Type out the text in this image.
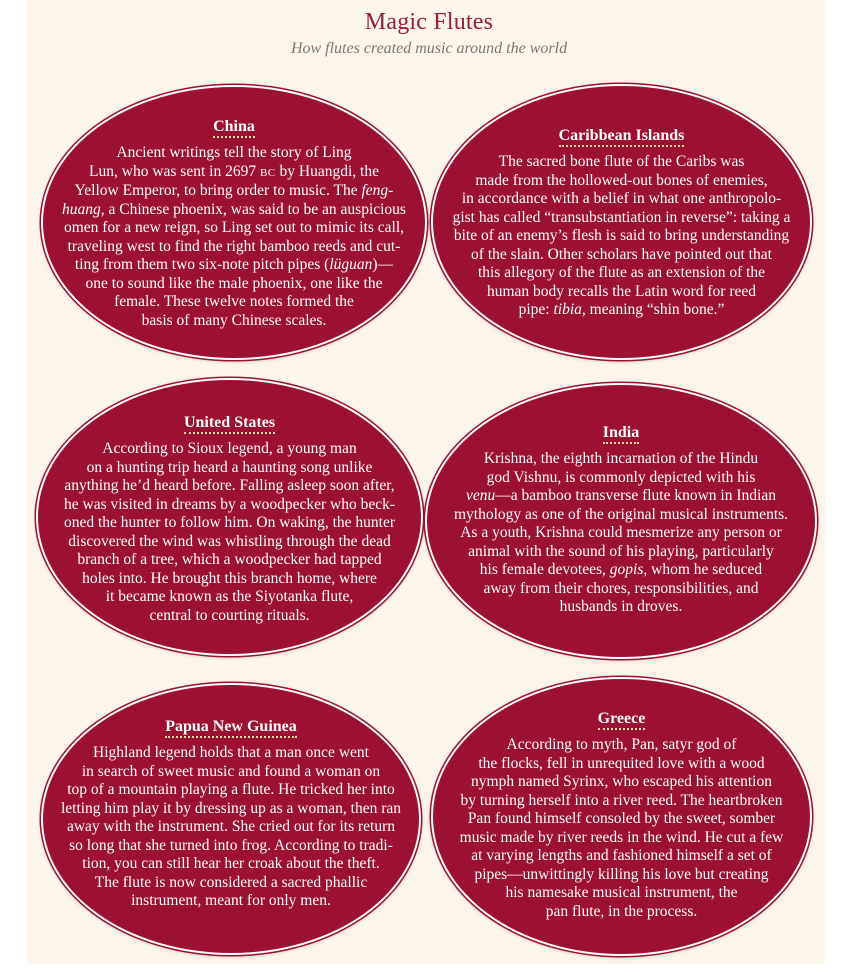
Magic Flutes
How flutes created music around the world
China

Ancient writings tell the story of Ling
Lun, who was sent in 2697 BC by Huangdi, the
Yellow Emperor, to bring order to music. The feng-
huang, a Chinese phoenix, was said to be an auspicious
omen for a new reign, so Ling set out to mimic its call,
traveling west to find the right bamboo reeds and cut-
ting from them two six-note pitch pipes (lüguan)—
one to sound like the male phoenix, one like the
female. These twelve notes formed the
basis of many Chinese scales.

Caribbean Islands

The sacred bone flute of the Caribs was
made from the hollowed-out bones of enemies,
in accordance with a belief in what one anthropolo-
gist has called “transubstantiation in reverse”: taking a
bite of an enemy’s flesh is said to bring understanding
of the slain. Other scholars have pointed out that
this allegory of the flute as an extension of the
human body recalls the Latin word for reed
pipe: tibia, meaning “shin bone.”

United States

According to Sioux legend, a young man
on a hunting trip heard a haunting song unlike
anything he’d heard before. Falling asleep soon after,
he was visited in dreams by a woodpecker who beck-
oned the hunter to follow him. On waking, the hunter
discovered the wind was whistling through the dead
branch of a tree, which a woodpecker had tapped
holes into. He brought this branch home, where
it became known as the Siyotanka flute,
central to courting rituals.

India

Krishna, the eighth incarnation of the Hindu
god Vishnu, is commonly depicted with his
venu—a bamboo transverse flute known in Indian
mythology as one of the original musical instruments.
As a youth, Krishna could mesmerize any person or
animal with the sound of his playing, particularly
his female devotees, gopis, whom he seduced
away from their chores, responsibilities, and
husbands in droves.

Papua New Guinea

Highland legend holds that a man once went
in search of sweet music and found a woman on
top of a mountain playing a flute. He tricked her into
letting him play it by dressing up as a woman, then ran
away with the instrument. She cried out for its return
so long that she turned into frog. According to tradi-
tion, you can still hear her croak about the theft.
The flute is now considered a sacred phallic
instrument, meant for only men.

Greece

According to myth, Pan, satyr god of
the flocks, fell in unrequited love with a wood
nymph named Syrinx, who escaped his attention
by turning herself into a river reed. The heartbroken
Pan found himself consoled by the sweet, somber
music made by river reeds in the wind. He cut a few
at varying lengths and fashioned himself a set of
pipes—unwittingly killing his love but creating
his namesake musical instrument, the
pan flute, in the process.
